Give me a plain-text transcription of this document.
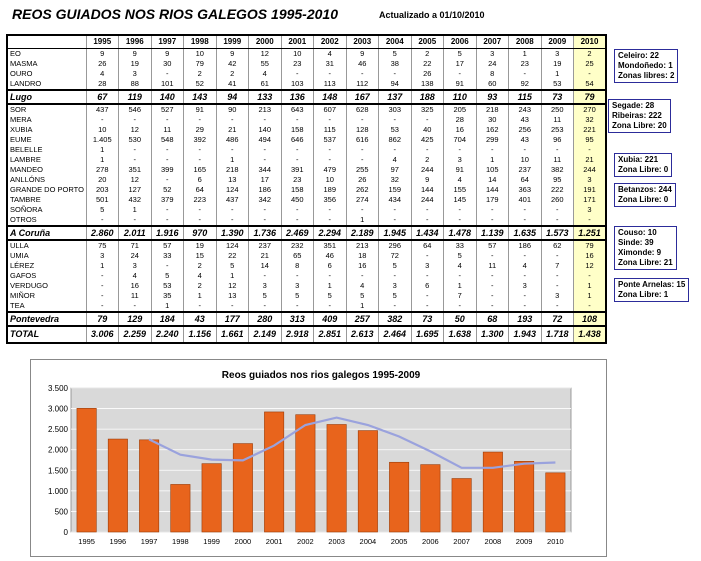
REOS GUIADOS NOS RIOS GALEGOS 1995-2010	Actualizado a 01/10/2010
	1995	1996	1997	1998	1999	2000	2001	2002	2003	2004	2005	2006	2007	2008	2009	2010
EO	9	9	9	10	9	12	10	4	9	5	2	5	3	1	3	2
MASMA	26	19	30	79	42	55	23	31	46	38	22	17	24	23	19	25
OURO	4	3	-	2	2	4	-	-	-	-	26	-	8	-	1	-
LANDRO	28	88	101	52	41	61	103	113	112	94	138	91	60	92	53	54
Lugo	67	119	140	143	94	133	136	148	167	137	188	110	93	115	73	79
SOR	437	546	527	91	90	213	643	607	628	303	325	205	218	243	250	270
MERA	-	-	-	-	-	-	-	-	-	-	-	28	30	43	11	32
XUBIA	10	12	11	29	21	140	158	115	128	53	40	16	162	256	253	221
EUME	1.405	530	548	392	486	494	646	537	616	862	425	704	299	43	96	95
BELELLE	1	-	-	-	-	-	-	-	-	-	-	-	-	-	-	-
LAMBRE	1	-	-	-	1	-	-	-	-	4	2	3	1	10	11	21
MANDEO	278	351	399	165	218	344	391	479	255	97	244	91	105	237	382	244
ANLLÓNS	20	12	-	6	13	17	23	10	26	32	9	4	14	64	95	3
GRANDE DO PORTO	203	127	52	64	124	186	158	189	262	159	144	155	144	363	222	191
TAMBRE	501	432	379	223	437	342	450	356	274	434	244	145	179	401	260	171
SOÑORA	5	1	-	-	-	-	-	-	-	-	-	-	-	-	-	3
OTROS	-	-	-	-	-	-	-	-	1	-	-	-	-	-	-	-
A Coruña	2.860	2.011	1.916	970	1.390	1.736	2.469	2.294	2.189	1.945	1.434	1.478	1.139	1.635	1.573	1.251
ULLA	75	71	57	19	124	237	232	351	213	296	64	33	57	186	62	79
UMIA	3	24	33	15	22	21	65	46	18	72	-	5	-	-	-	16
LÉREZ	1	3	-	2	5	14	8	6	16	5	3	4	11	4	7	12
GAFOS	-	4	5	4	1	-	-	-	-	-	-	-	-	-	-	-
VERDUGO	-	16	53	2	12	3	3	1	4	3	6	1	-	3	-	1
MIÑOR	-	11	35	1	13	5	5	5	5	5	-	7	-	-	3	1
TEA	-	-	1	-	-	-	-	-	1	-	-	-	-	-	-	-
Pontevedra	79	129	184	43	177	280	313	409	257	382	73	50	68	193	72	108
TOTAL	3.006	2.259	2.240	1.156	1.661	2.149	2.918	2.851	2.613	2.464	1.695	1.638	1.300	1.943	1.718	1.438
Celeiro: 22
Mondoñedo: 1
Zonas libres: 2
Segade: 28
Ribeiras: 222
Zona Libre: 20
Xubia: 221
Zona Libre: 0
Betanzos: 244
Zona Libre: 0
Couso: 10
Sinde: 39
Ximonde: 9
Zona Libre: 21
Ponte Arnelas: 15
Zona Libre: 1
Reos guiados nos rios galegos 1995-2009
0
500
1.000
1.500
2.000
2.500
3.000
3.500
1995 1996 1997 1998 1999 2000 2001 2002 2003 2004 2005 2006 2007 2008 2009 2010
